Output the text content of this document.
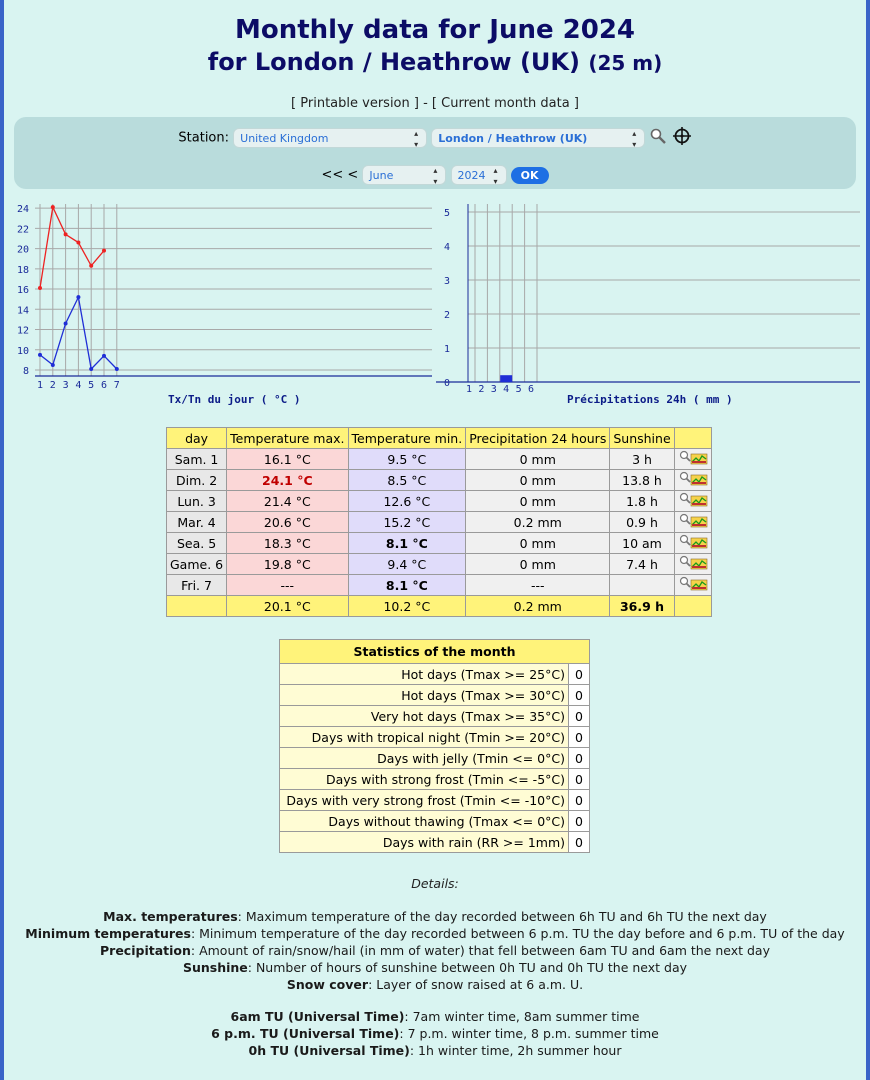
Monthly data for June 2024
for London / Heathrow (UK) (25 m)
[ Printable version ] - [ Current month data ]
Station: United Kingdom ▴▾	London / Heathrow (UK) ▴▾
<< < June ▴▾	2024 ▴▾	OK
8
10
12
14
16
18
20
22
24
1 2 3 4 5 6 7
Tx/Tn du jour ( °C )
0
1
2
3
4
5
1 2 3 4 5 6
Précipitations 24h ( mm )
day	Temperature max.	Temperature min.	Precipitation 24 hours	Sunshine	
Sam. 1	16.1 °C	9.5 °C	0 mm	3 h	
Dim. 2	24.1 °C	8.5 °C	0 mm	13.8 h	
Lun. 3	21.4 °C	12.6 °C	0 mm	1.8 h	
Mar. 4	20.6 °C	15.2 °C	0.2 mm	0.9 h	
Sea. 5	18.3 °C	8.1 °C	0 mm	10 am	
Game. 6	19.8 °C	9.4 °C	0 mm	7.4 h	
Fri. 7	---	8.1 °C	---		
	20.1 °C	10.2 °C	0.2 mm	36.9 h	
Statistics of the month	
Hot days (Tmax >= 25°C)	0
Hot days (Tmax >= 30°C)	0
Very hot days (Tmax >= 35°C)	0
Days with tropical night (Tmin >= 20°C)	0
Days with jelly (Tmin <= 0°C)	0
Days with strong frost (Tmin <= -5°C)	0
Days with very strong frost (Tmin <= -10°C)	0
Days without thawing (Tmax <= 0°C)	0
Days with rain (RR >= 1mm)	0
Details:
Max. temperatures: Maximum temperature of the day recorded between 6h TU and 6h TU the next day
Minimum temperatures: Minimum temperature of the day recorded between 6 p.m. TU the day before and 6 p.m. TU of the day
Precipitation: Amount of rain/snow/hail (in mm of water) that fell between 6am TU and 6am the next day
Sunshine: Number of hours of sunshine between 0h TU and 0h TU the next day
Snow cover: Layer of snow raised at 6 a.m. U.
6am TU (Universal Time): 7am winter time, 8am summer time
6 p.m. TU (Universal Time): 7 p.m. winter time, 8 p.m. summer time
0h TU (Universal Time): 1h winter time, 2h summer hour
